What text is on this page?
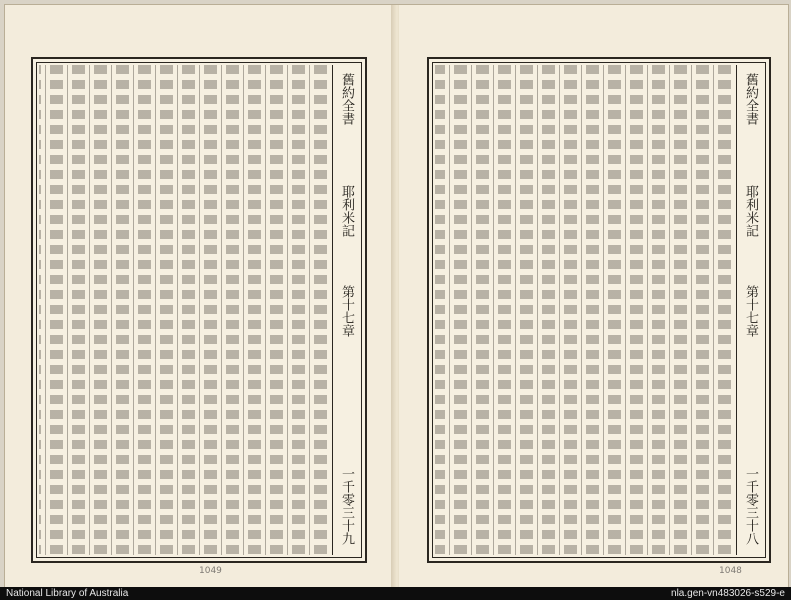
舊約全書
耶利米記
第十七章
一千零三十九
1049
舊約全書
耶利米記
第十七章
一千零三十八
1048
National Library of Australia	nla.gen-vn483026-s529-e
